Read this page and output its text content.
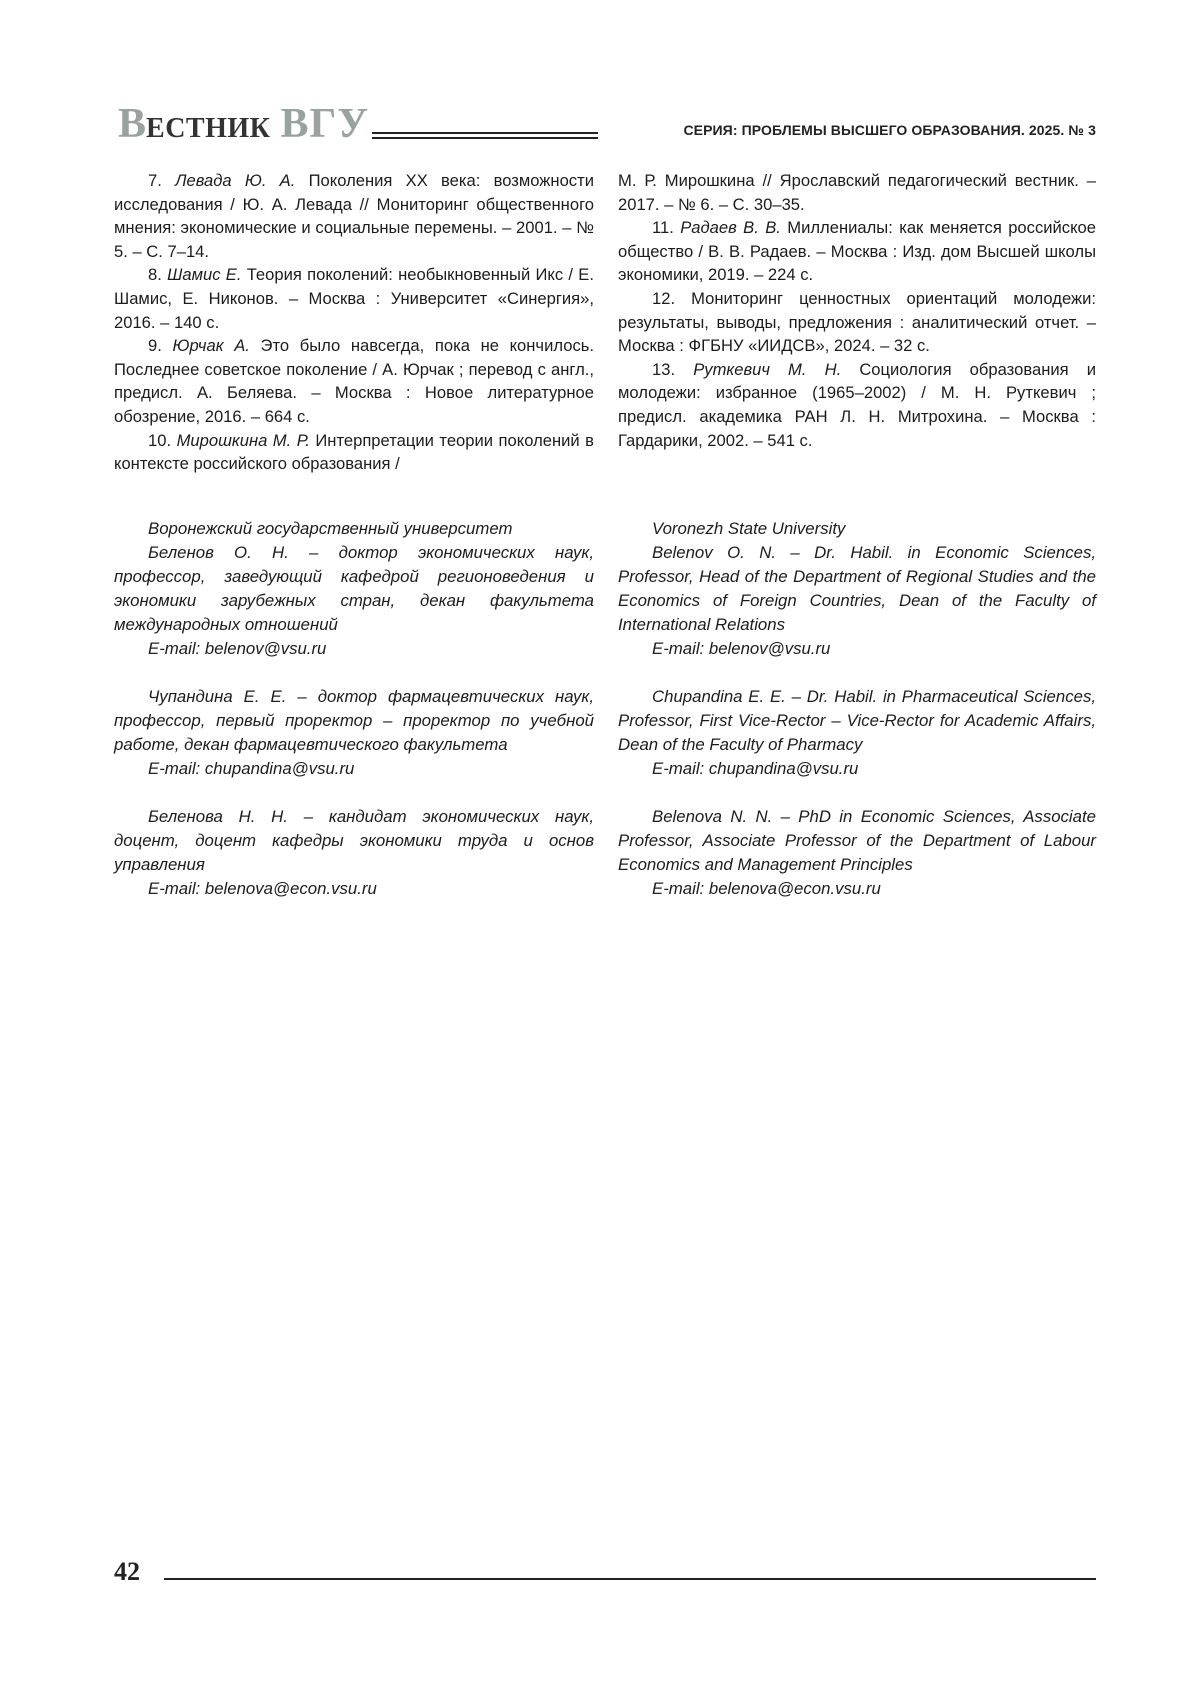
ВЕСТНИК ВГУ	СЕРИЯ: ПРОБЛЕМЫ ВЫСШЕГО ОБРАЗОВАНИЯ. 2025. № 3

7. Левада Ю. А. Поколения XX века: возможности исследования / Ю. А. Левада // Мониторинг общественного мнения: экономические и социальные перемены. – 2001. – № 5. – С. 7–14.

8. Шамис Е. Теория поколений: необыкновенный Икс / Е. Шамис, Е. Никонов. – Москва : Университет «Синергия», 2016. – 140 с.

9. Юрчак А. Это было навсегда, пока не кончилось. Последнее советское поколение / А. Юрчак ; перевод с англ., предисл. А. Беляева. – Москва : Новое литературное обозрение, 2016. – 664 с.

10. Мирошкина М. Р. Интерпретации теории поколений в контексте российского образования /

М. Р. Мирошкина // Ярославский педагогический вестник. – 2017. – № 6. – С. 30–35.

11. Радаев В. В. Миллениалы: как меняется российское общество / В. В. Радаев. – Москва : Изд. дом Высшей школы экономики, 2019. – 224 с.

12. Мониторинг ценностных ориентаций молодежи: результаты, выводы, предложения : аналитический отчет. – Москва : ФГБНУ «ИИДСВ», 2024. – 32 с.

13. Руткевич М. Н. Социология образования и молодежи: избранное (1965–2002) / М. Н. Руткевич ; предисл. академика РАН Л. Н. Митрохина. – Москва : Гардарики, 2002. – 541 с.

Воронежский государственный университет

Беленов О. Н. – доктор экономических наук, профессор, заведующий кафедрой регионоведения и экономики зарубежных стран, декан факультета международных отношений

E-mail: belenov@vsu.ru

Чупандина Е. Е. – доктор фармацевтических наук, профессор, первый проректор – проректор по учебной работе, декан фармацевтического факультета

E-mail: chupandina@vsu.ru

Беленова Н. Н. – кандидат экономических наук, доцент, доцент кафедры экономики труда и основ управления

E-mail: belenova@econ.vsu.ru

Voronezh State University

Belenov O. N. – Dr. Habil. in Economic Sciences, Professor, Head of the Department of Regional Studies and the Economics of Foreign Countries, Dean of the Faculty of International Relations

E-mail: belenov@vsu.ru

Chupandina E. E. – Dr. Habil. in Pharmaceutical Sciences, Professor, First Vice-Rector – Vice-Rector for Academic Affairs, Dean of the Faculty of Pharmacy

E-mail: chupandina@vsu.ru

Belenova N. N. – PhD in Economic Sciences, Associate Professor, Associate Professor of the Department of Labour Economics and Management Principles

E-mail: belenova@econ.vsu.ru

42
